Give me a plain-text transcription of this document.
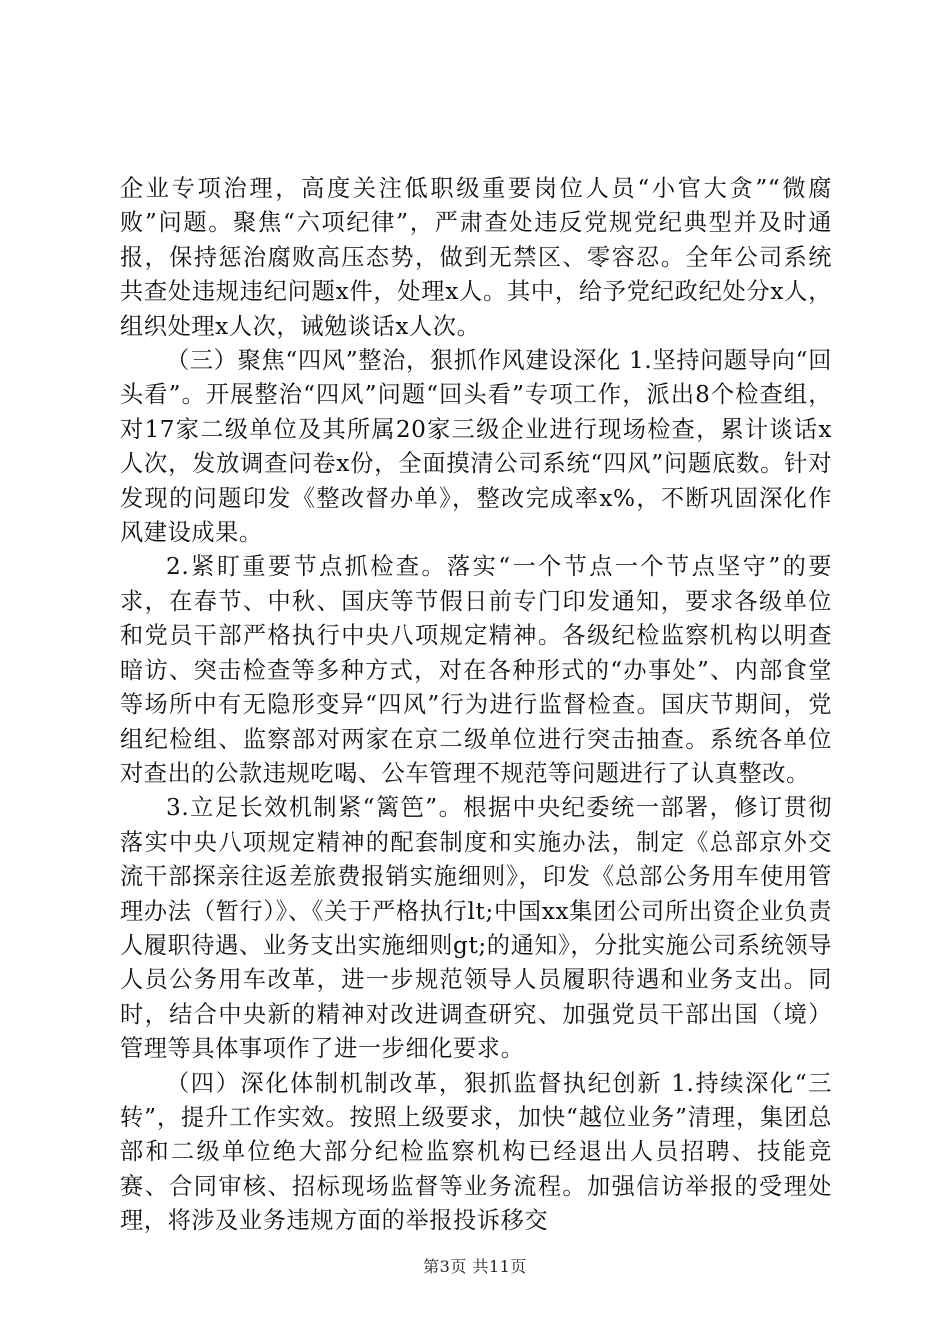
企业专项治理，高度关注低职级重要岗位人员“小官大贪”“微腐败”问题。聚焦“六项纪律”，严肃查处违反党规党纪典型并及时通报，保持惩治腐败高压态势，做到无禁区、零容忍。全年公司系统共查处违规违纪问题x件，处理x人。其中，给予党纪政纪处分x人，组织处理x人次，诫勉谈话x人次。

（三）聚焦“四风”整治，狠抓作风建设深化 1.坚持问题导向“回头看”。开展整治“四风”问题“回头看”专项工作，派出8个检查组，对17家二级单位及其所属20家三级企业进行现场检查，累计谈话x人次，发放调查问卷x份，全面摸清公司系统“四风”问题底数。针对发现的问题印发《整改督办单》，整改完成率x%，不断巩固深化作风建设成果。

2.紧盯重要节点抓检查。落实“一个节点一个节点坚守”的要求，在春节、中秋、国庆等节假日前专门印发通知，要求各级单位和党员干部严格执行中央八项规定精神。各级纪检监察机构以明查暗访、突击检查等多种方式，对在各种形式的“办事处”、内部食堂等场所中有无隐形变异“四风”行为进行监督检查。国庆节期间，党组纪检组、监察部对两家在京二级单位进行突击抽查。系统各单位对查出的公款违规吃喝、公车管理不规范等问题进行了认真整改。

3.立足长效机制紧“篱笆”。根据中央纪委统一部署，修订贯彻落实中央八项规定精神的配套制度和实施办法，制定《总部京外交流干部探亲往返差旅费报销实施细则》，印发《总部公务用车使用管理办法（暂行）》、《关于严格执行lt;中国xx集团公司所出资企业负责人履职待遇、业务支出实施细则gt;的通知》，分批实施公司系统领导人员公务用车改革，进一步规范领导人员履职待遇和业务支出。同时，结合中央新的精神对改进调查研究、加强党员干部出国（境）管理等具体事项作了进一步细化要求。

（四）深化体制机制改革，狠抓监督执纪创新 1.持续深化“三转”，提升工作实效。按照上级要求，加快“越位业务”清理，集团总部和二级单位绝大部分纪检监察机构已经退出人员招聘、技能竞赛、合同审核、招标现场监督等业务流程。加强信访举报的受理处理，将涉及业务违规方面的举报投诉移交

第3页 共11页
